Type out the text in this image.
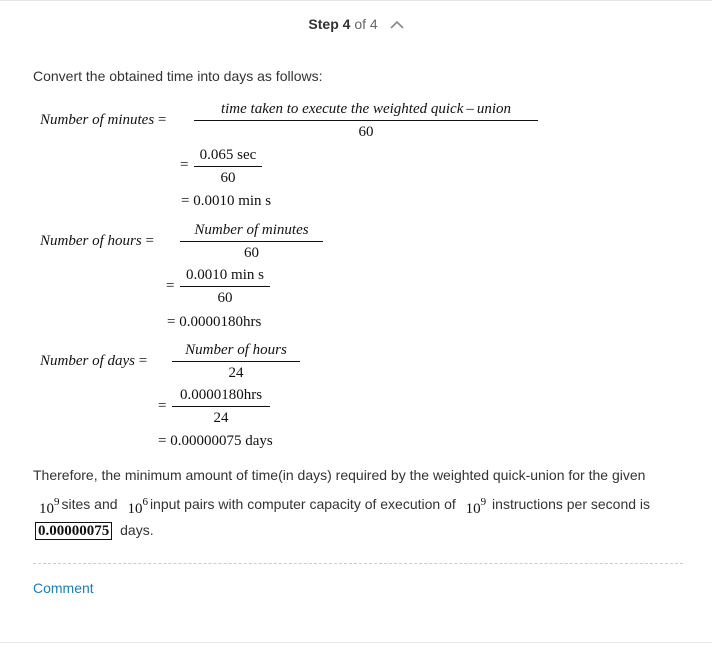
Step 4 of 4
Convert the obtained time into days as follows:
Number of minutes =
time taken to execute the weighted quick – union
60
=
0.065 sec
60
= 0.0010 min s
Number of hours =
Number of minutes
60
=
0.0010 min s
60
= 0.0000180hrs
Number of days =
Number of hours
24
=
0.0000180hrs
24
= 0.00000075 days
Therefore, the minimum amount of time(in days) required by the weighted quick-union for the given $10^9$ sites and $10^6$ input pairs with computer capacity of execution of $10^9$ instructions per second is 0.00000075 days.
Comment
